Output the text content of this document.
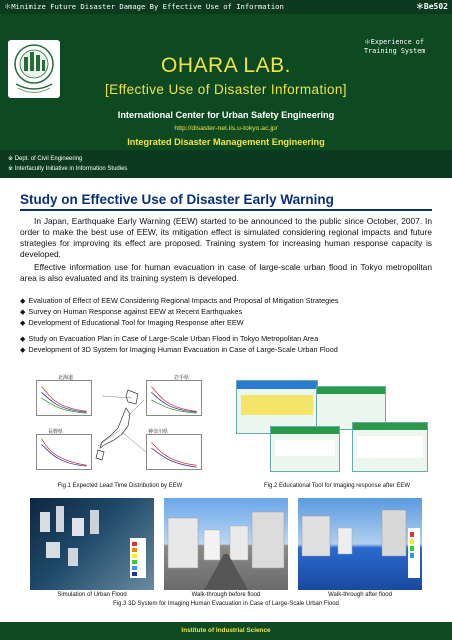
＊Minimize Future Disaster Damage By Effective Use of Information	＊Be502
＊Experience of Training System
OHARA LAB.
[Effective Use of Disaster Information]
International Center for Urban Safety Engineering
http://disaster-net.iis.u-tokyo.ac.jp/
Integrated Disaster Management Engineering
※ Dept. of Civil Engineering
※ Interfaculty Initiative in Information Studies
Study on Effective Use of Disaster Early Warning

In Japan, Earthquake Early Warning (EEW) started to be announced to the public since October, 2007. In order to make the best use of EEW, its mitigation effect is simulated considering regional impacts and future strategies for improving its effect are proposed. Training system for increasing human response capacity is developed.

Effective information use for human evacuation in case of large-scale urban flood in Tokyo metropolitan area is also evaluated and its training system is developed.

◆ Evaluation of Effect of EEW Considering Regional Impacts and Proposal of Mitigation Strategies
◆ Survey on Human Response against EEW at Recent Earthquakes
◆ Development of Educational Tool for Imaging Response after EEW
◆ Study on Evacuation Plan in Case of Large-Scale Urban Flood in Tokyo Metropolitan Area
◆ Development of 3D System for Imaging Human Evacuation in Case of Large-Scale Urban Flood
北海道	岩手県
長野県	神奈川県
Fig.1 Expected Lead Time Distribution by EEW	Fig.2 Educational Tool for Imaging response after EEW
Simulation of Urban Flood	Walk-through before flood	Walk-through after flood
Fig.3 3D System for Imaging Human Evacuation in Case of Large-Scale Urban Flood
Institute of Industrial Science
